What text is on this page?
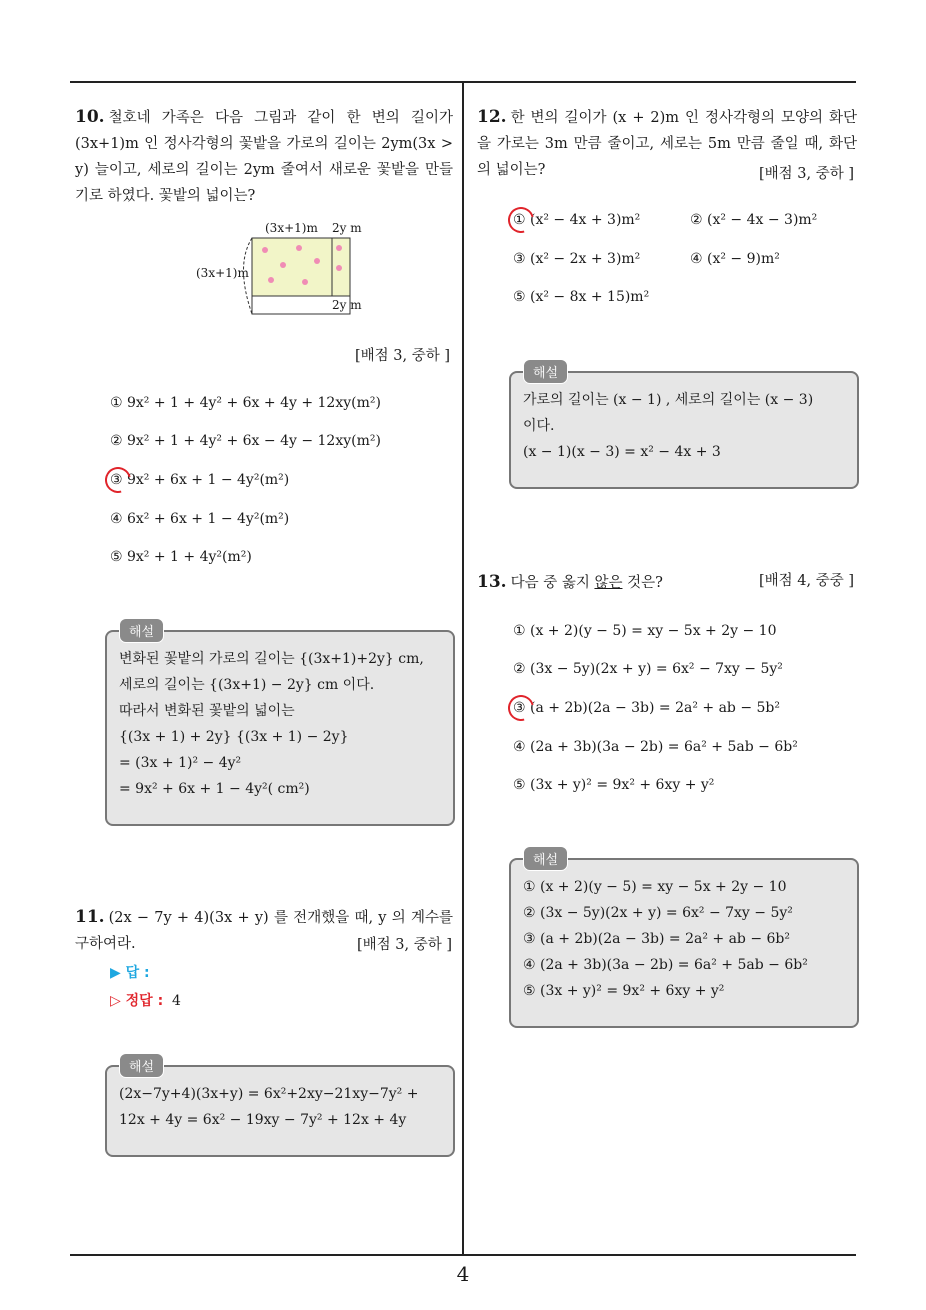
10. 철호네 가족은 다음 그림과 같이 한 변의 길이가 (3x+1)m 인 정사각형의 꽃밭을 가로의 길이는 2ym(3x > y) 늘이고, 세로의 길이는 2ym 줄여서 새로운 꽃밭을 만들기로 하였다. 꽃밭의 넓이는?
(3x+1)m 2y m
(3x+1)m
2y m
[배점 3, 중하 ]
① 9x² + 1 + 4y² + 6x + 4y + 12xy(m²)
② 9x² + 1 + 4y² + 6x − 4y − 12xy(m²)
③ 9x² + 6x + 1 − 4y²(m²)
④ 6x² + 6x + 1 − 4y²(m²)
⑤ 9x² + 1 + 4y²(m²)
해설
변화된 꽃밭의 가로의 길이는 {(3x+1)+2y} cm,
세로의 길이는 {(3x+1) − 2y} cm 이다.
따라서 변화된 꽃밭의 넓이는
{(3x + 1) + 2y} {(3x + 1) − 2y}
= (3x + 1)² − 4y²
= 9x² + 6x + 1 − 4y²( cm²)
11. (2x − 7y + 4)(3x + y) 를 전개했을 때, y 의 계수를 구하여라.	[배점 3, 중하 ]
▶ 답 :
▷ 정답 : 4
해설
(2x−7y+4)(3x+y) = 6x²+2xy−21xy−7y² +
12x + 4y = 6x² − 19xy − 7y² + 12x + 4y
12. 한 변의 길이가 (x + 2)m 인 정사각형의 모양의 화단을 가로는 3m 만큼 줄이고, 세로는 5m 만큼 줄일 때, 화단의 넓이는?	[배점 3, 중하 ]
① (x² − 4x + 3)m²	② (x² − 4x − 3)m²
③ (x² − 2x + 3)m²	④ (x² − 9)m²
⑤ (x² − 8x + 15)m²
해설
가로의 길이는 (x − 1) , 세로의 길이는 (x − 3)
이다.
(x − 1)(x − 3) = x² − 4x + 3
13. 다음 중 옳지 않은 것은?	[배점 4, 중중 ]
① (x + 2)(y − 5) = xy − 5x + 2y − 10
② (3x − 5y)(2x + y) = 6x² − 7xy − 5y²
③ (a + 2b)(2a − 3b) = 2a² + ab − 5b²
④ (2a + 3b)(3a − 2b) = 6a² + 5ab − 6b²
⑤ (3x + y)² = 9x² + 6xy + y²
해설
① (x + 2)(y − 5) = xy − 5x + 2y − 10
② (3x − 5y)(2x + y) = 6x² − 7xy − 5y²
③ (a + 2b)(2a − 3b) = 2a² + ab − 6b²
④ (2a + 3b)(3a − 2b) = 6a² + 5ab − 6b²
⑤ (3x + y)² = 9x² + 6xy + y²
4
